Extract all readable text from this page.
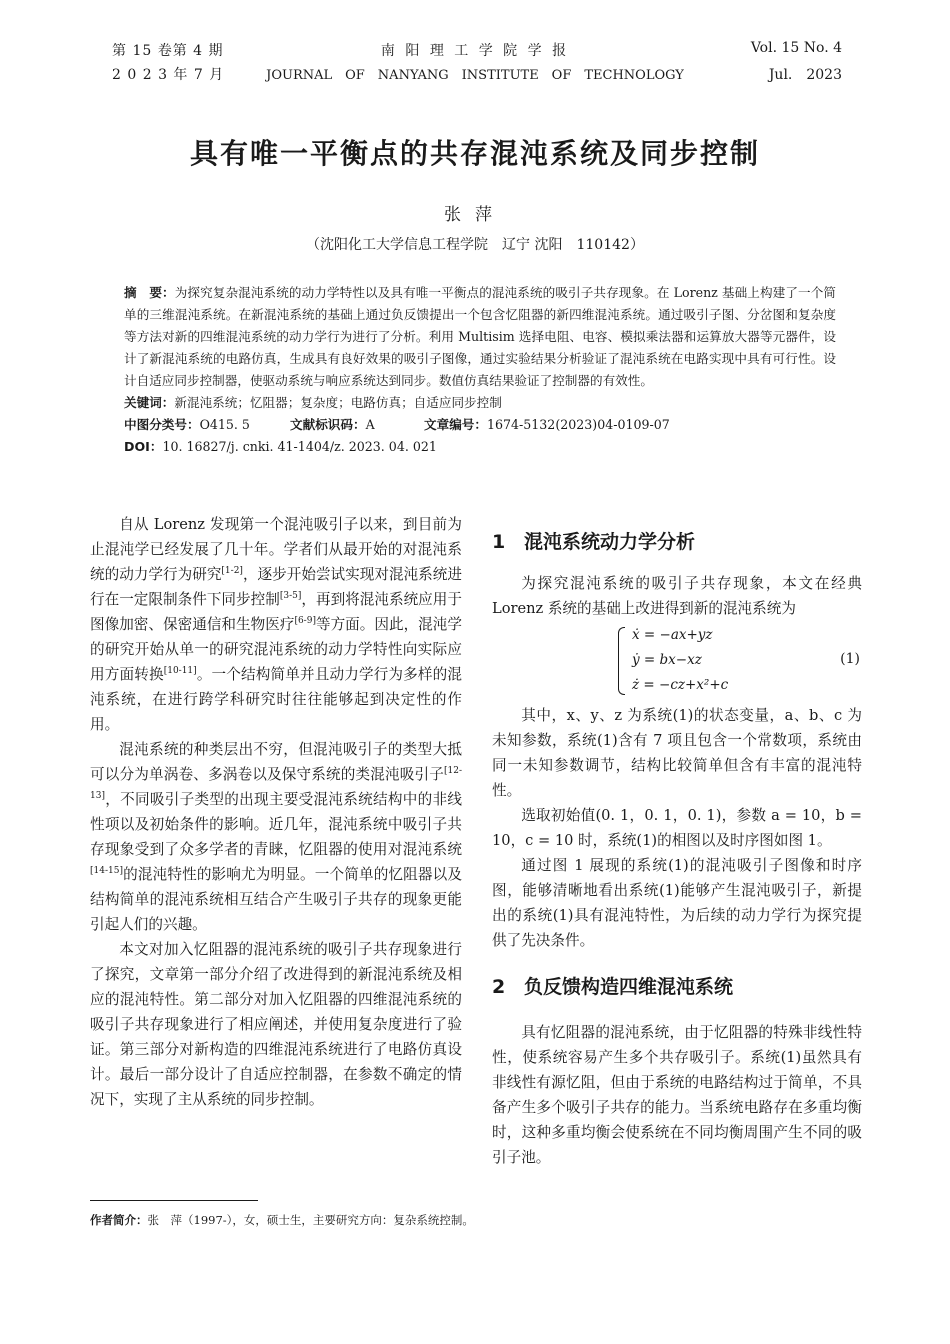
第 15 卷第 4 期
2 0 2 3 年 7 月
南 阳 理 工 学 院 学 报
JOURNAL　OF　NANYANG　INSTITUTE　OF　TECHNOLOGY
Vol. 15 No. 4
Jul.　2023
具有唯一平衡点的共存混沌系统及同步控制
张萍
（沈阳化工大学信息工程学院　辽宁 沈阳　110142）
摘　要：为探究复杂混沌系统的动力学特性以及具有唯一平衡点的混沌系统的吸引子共存现象。在 Lorenz 基础上构建了一个简单的三维混沌系统。在新混沌系统的基础上通过负反馈提出一个包含忆阻器的新四维混沌系统。通过吸引子图、分岔图和复杂度等方法对新的四维混沌系统的动力学行为进行了分析。利用 Multisim 选择电阻、电容、模拟乘法器和运算放大器等元器件，设计了新混沌系统的电路仿真，生成具有良好效果的吸引子图像，通过实验结果分析验证了混沌系统在电路实现中具有可行性。设计自适应同步控制器，使驱动系统与响应系统达到同步。数值仿真结果验证了控制器的有效性。
关键词：新混沌系统；忆阻器；复杂度；电路仿真；自适应同步控制
中图分类号：O415. 5	文献标识码：A	文章编号：1674-5132(2023)04-0109-07
DOI：10. 16827/j. cnki. 41-1404/z. 2023. 04. 021

自从 Lorenz 发现第一个混沌吸引子以来，到目前为止混沌学已经发展了几十年。学者们从最开始的对混沌系统的动力学行为研究[1-2]，逐步开始尝试实现对混沌系统进行在一定限制条件下同步控制[3-5]，再到将混沌系统应用于图像加密、保密通信和生物医疗[6-9]等方面。因此，混沌学的研究开始从单一的研究混沌系统的动力学特性向实际应用方面转换[10-11]。一个结构简单并且动力学行为多样的混沌系统，在进行跨学科研究时往往能够起到决定性的作用。

混沌系统的种类层出不穷，但混沌吸引子的类型大抵可以分为单涡卷、多涡卷以及保守系统的类混沌吸引子[12-13]，不同吸引子类型的出现主要受混沌系统结构中的非线性项以及初始条件的影响。近几年，混沌系统中吸引子共存现象受到了众多学者的青睐，忆阻器的使用对混沌系统[14-15]的混沌特性的影响尤为明显。一个简单的忆阻器以及结构简单的混沌系统相互结合产生吸引子共存的现象更能引起人们的兴趣。

本文对加入忆阻器的混沌系统的吸引子共存现象进行了探究，文章第一部分介绍了改进得到的新混沌系统及相应的混沌特性。第二部分对加入忆阻器的四维混沌系统的吸引子共存现象进行了相应阐述，并使用复杂度进行了验证。第三部分对新构造的四维混沌系统进行了电路仿真设计。最后一部分设计了自适应控制器，在参数不确定的情况下，实现了主从系统的同步控制。

1 混沌系统动力学分析

为探究混沌系统的吸引子共存现象，本文在经典 Lorenz 系统的基础上改进得到新的混沌系统为

ẋ = −ax+yz
ẏ = bx−xz
ż = −cz+x²+c
(1)

其中，x、y、z 为系统(1)的状态变量，a、b、c 为未知参数，系统(1)含有 7 项且包含一个常数项，系统由同一未知参数调节，结构比较简单但含有丰富的混沌特性。

选取初始值(0. 1，0. 1，0. 1)，参数 a = 10，b = 10，c = 10 时，系统(1)的相图以及时序图如图 1。

通过图 1 展现的系统(1)的混沌吸引子图像和时序图，能够清晰地看出系统(1)能够产生混沌吸引子，新提出的系统(1)具有混沌特性，为后续的动力学行为探究提供了先决条件。

2 负反馈构造四维混沌系统

具有忆阻器的混沌系统，由于忆阻器的特殊非线性特性，使系统容易产生多个共存吸引子。系统(1)虽然具有非线性有源忆阻，但由于系统的电路结构过于简单，不具备产生多个吸引子共存的能力。当系统电路存在多重均衡时，这种多重均衡会使系统在不同均衡周围产生不同的吸引子池。

作者简介：张　萍（1997-），女，硕士生，主要研究方向：复杂系统控制。
